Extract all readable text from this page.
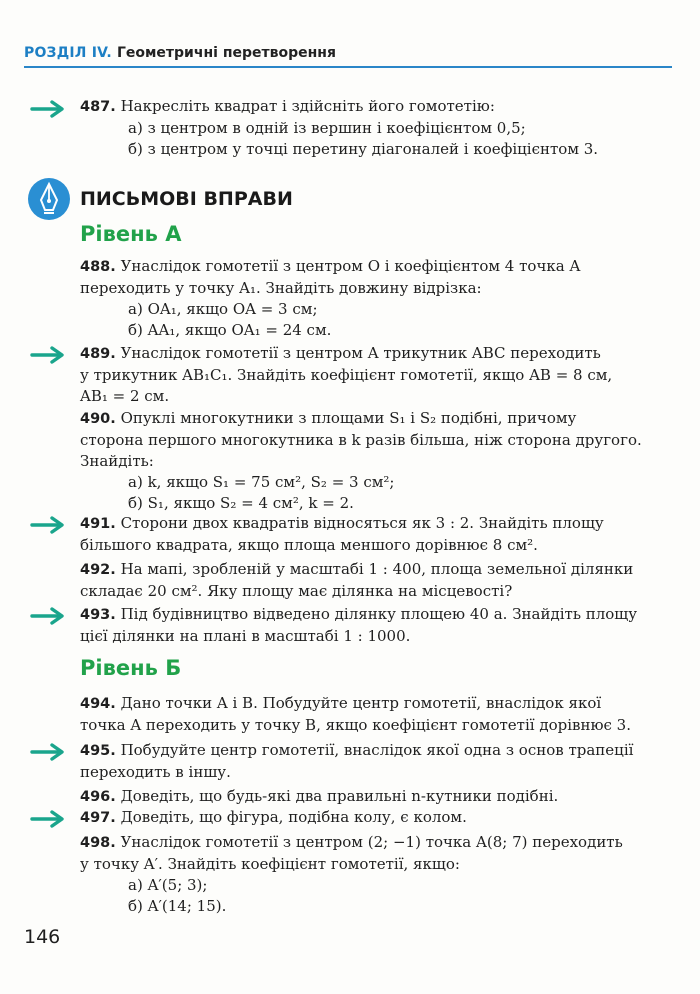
РОЗДІЛ IV. Геометричні перетворення
487. Накресліть квадрат і здійсніть його гомотетію:
а) з центром в одній із вершин і коефіцієнтом 0,5;
б) з центром у точці перетину діагоналей і коефіцієнтом 3.
ПИСЬМОВІ ВПРАВИ
Рівень А
488. Унаслідок гомотетії з центром O і коефіцієнтом 4 точка A
переходить у точку A₁. Знайдіть довжину відрізка:
а) OA₁, якщо OA = 3 см;
б) AA₁, якщо OA₁ = 24 см.
489. Унаслідок гомотетії з центром A трикутник ABC переходить
у трикутник AB₁C₁. Знайдіть коефіцієнт гомотетії, якщо AB = 8 см,
AB₁ = 2 см.
490. Опуклі многокутники з площами S₁ і S₂ подібні, причому
сторона першого многокутника в k разів більша, ніж сторона другого.
Знайдіть:
а) k, якщо S₁ = 75 см², S₂ = 3 см²;
б) S₁, якщо S₂ = 4 см², k = 2.
491. Сторони двох квадратів відносяться як 3 : 2. Знайдіть площу
більшого квадрата, якщо площа меншого дорівнює 8 см².
492. На мапі, зробленій у масштабі 1 : 400, площа земельної ділянки
складає 20 см². Яку площу має ділянка на місцевості?
493. Під будівництво відведено ділянку площею 40 а. Знайдіть площу
цієї ділянки на плані в масштабі 1 : 1000.
Рівень Б
494. Дано точки A і B. Побудуйте центр гомотетії, внаслідок якої
точка A переходить у точку B, якщо коефіцієнт гомотетії дорівнює 3.
495. Побудуйте центр гомотетії, внаслідок якої одна з основ трапеції
переходить в іншу.
496. Доведіть, що будь-які два правильні n-кутники подібні.
497. Доведіть, що фігура, подібна колу, є колом.
498. Унаслідок гомотетії з центром (2; −1) точка A(8; 7) переходить
у точку A′. Знайдіть коефіцієнт гомотетії, якщо:
а) A′(5; 3);
б) A′(14; 15).
146
